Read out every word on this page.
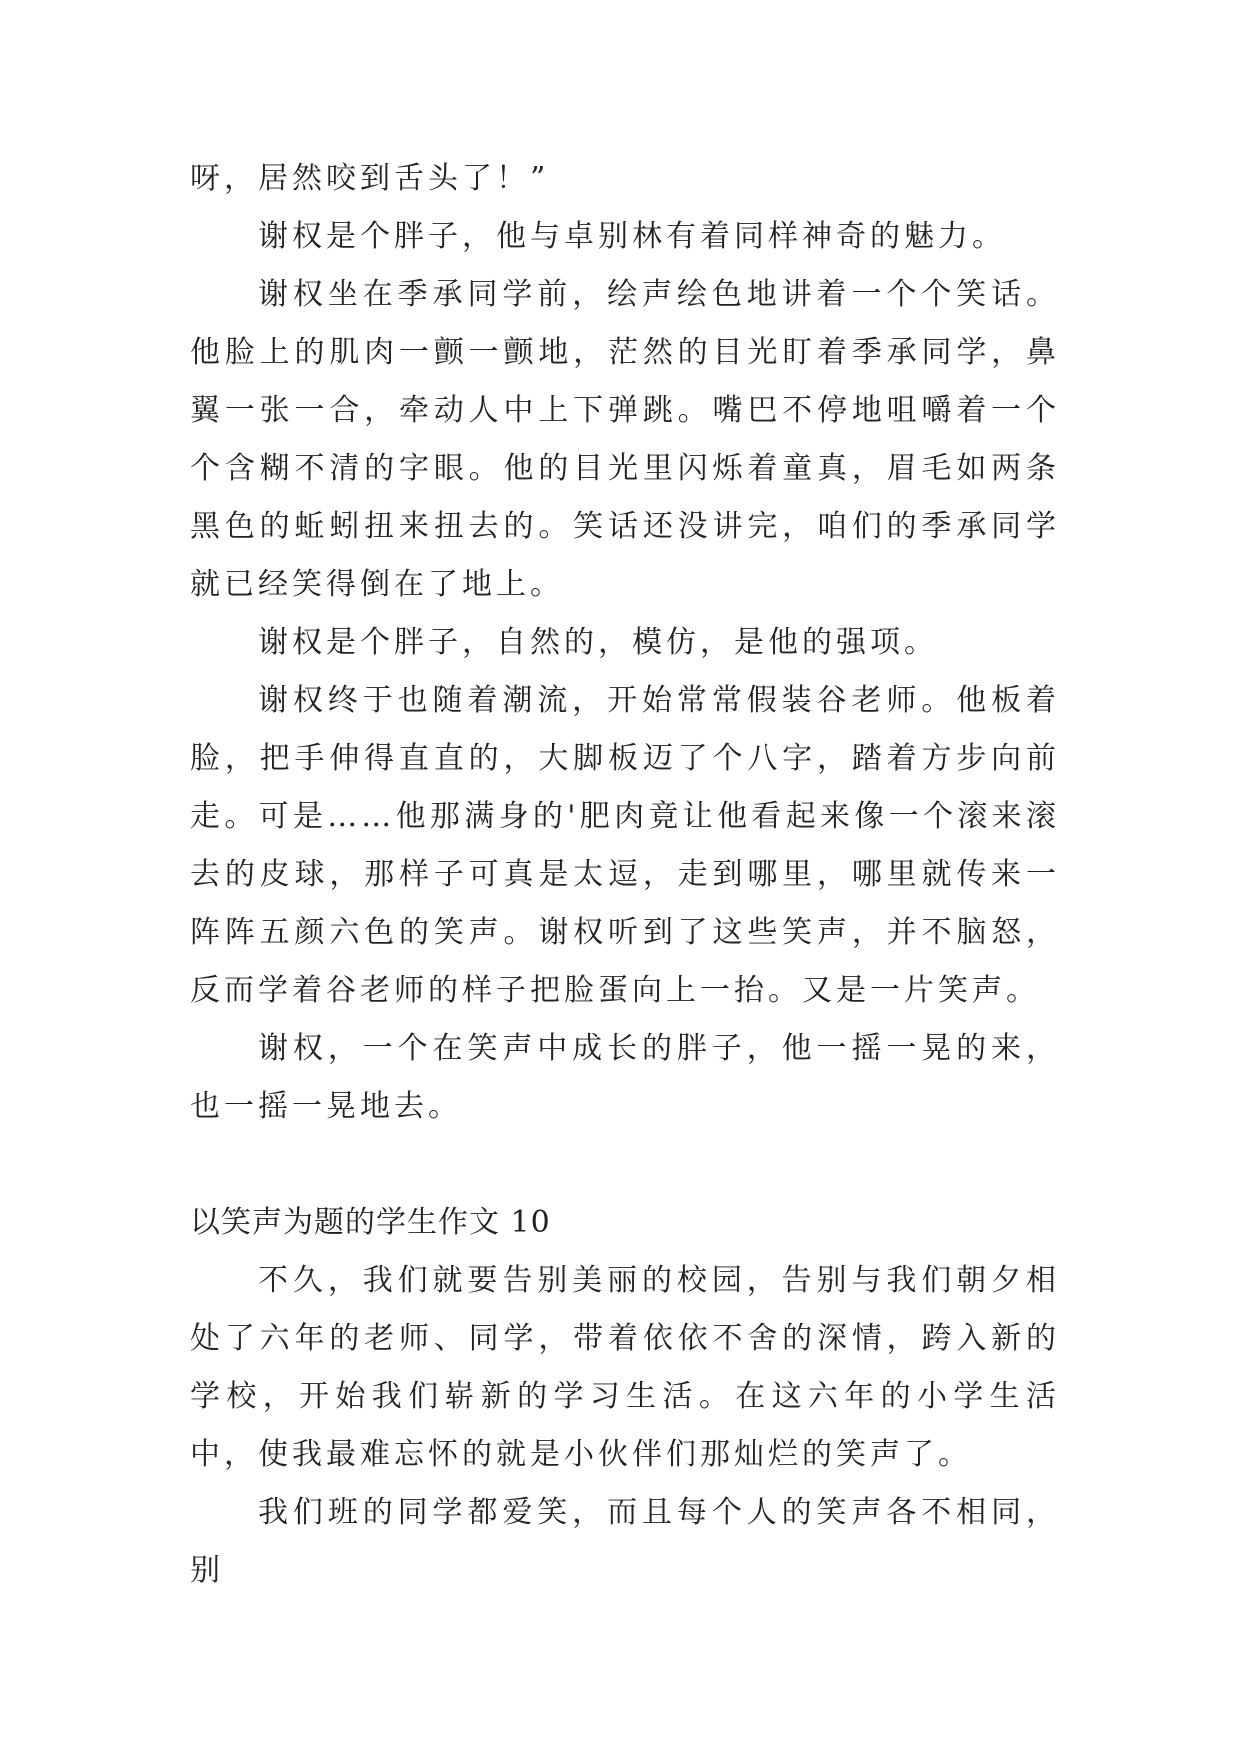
呀，居然咬到舌头了！”

谢权是个胖子，他与卓别林有着同样神奇的魅力。

谢权坐在季承同学前，绘声绘色地讲着一个个笑话。他脸上的肌肉一颤一颤地，茫然的目光盯着季承同学，鼻翼一张一合，牵动人中上下弹跳。嘴巴不停地咀嚼着一个个含糊不清的字眼。他的目光里闪烁着童真，眉毛如两条黑色的蚯蚓扭来扭去的。笑话还没讲完，咱们的季承同学就已经笑得倒在了地上。

谢权是个胖子，自然的，模仿，是他的强项。

谢权终于也随着潮流，开始常常假装谷老师。他板着脸，把手伸得直直的，大脚板迈了个八字，踏着方步向前走。可是……他那满身的'肥肉竟让他看起来像一个滚来滚去的皮球，那样子可真是太逗，走到哪里，哪里就传来一阵阵五颜六色的笑声。谢权听到了这些笑声，并不脑怒，反而学着谷老师的样子把脸蛋向上一抬。又是一片笑声。

谢权，一个在笑声中成长的胖子，他一摇一晃的来，也一摇一晃地去。

以笑声为题的学生作文 10

不久，我们就要告别美丽的校园，告别与我们朝夕相处了六年的老师、同学，带着依依不舍的深情，跨入新的学校，开始我们崭新的学习生活。在这六年的小学生活中，使我最难忘怀的就是小伙伴们那灿烂的笑声了。

我们班的同学都爱笑，而且每个人的笑声各不相同，别
